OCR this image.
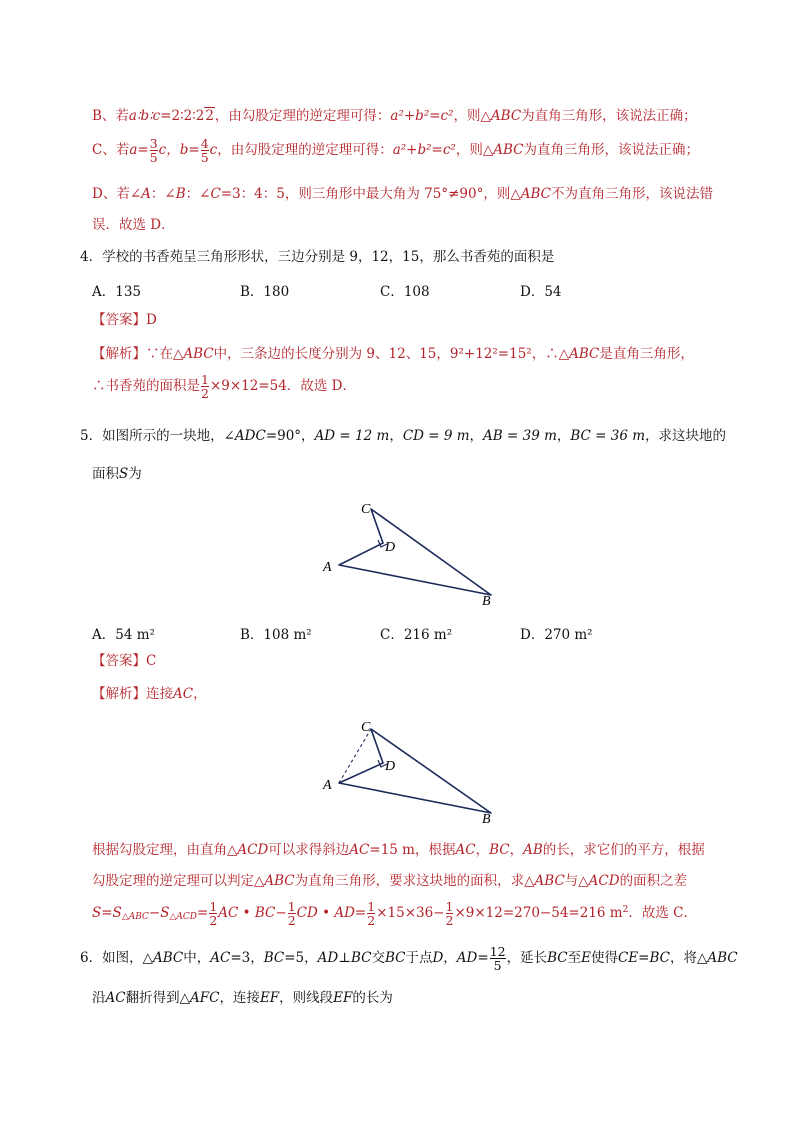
B、若a∶b∶c=2∶2∶22，由勾股定理的逆定理可得：a²+b²=c²，则△ABC为直角三角形，该说法正确；
C、若$a= \frac{3}{5}$ c，$b= \frac{4}{5}$ c，由勾股定理的逆定理可得：a²+b²=c²，则△ABC为直角三角形，该说法正确；
D、若∠A：∠B：∠C=3：4：5，则三角形中最大角为 75°≠90°，则△ABC不为直角三角形，该说法错
误．故选 D．
4．学校的书香苑呈三角形形状，三边分别是 9，12，15，那么书香苑的面积是
A．135	B．180	C．108	D．54
【答案】D
【解析】∵在△ABC中，三条边的长度分别为 9、12、15，9²+12²=15²，∴△ABC是直角三角形，
∴书香苑的面积是 $\frac{1}{2} \times 9\times 12=54$．故选 D．
5．如图所示的一块地，∠ADC=90°，AD = 12 m，CD = 9 m，AB = 39 m，BC = 36 m，求这块地的
面积S为
C
D
A
B
A．54 m²	B．108 m²	C．216 m²	D．270 m²
【答案】C
【解析】连接AC，
C
D
A
B
根据勾股定理，由直角△ACD可以求得斜边AC=15 m，根据AC，BC，AB的长，求它们的平方，根据
勾股定理的逆定理可以判定△ABC为直角三角形，要求这块地的面积，求△ABC与△ACD的面积之差
$S=S_{\triangle ABC}-S_{\triangle ACD}= \frac{1}{2}$ AC • $BC- \frac{1}{2}$ CD • $AD= \frac{1}{2} \times 15\times 36- \frac{1}{2} \times 9\times 12=270-54=216$ $m^2$．故选 C．
6．如图，△ABC中，AC=3，BC=5，AD⊥BC交BC于点D，$AD= \frac{12}{5}$ ，延长BC至E使得CE=BC，将△ABC
沿AC翻折得到△AFC，连接EF，则线段EF的长为
